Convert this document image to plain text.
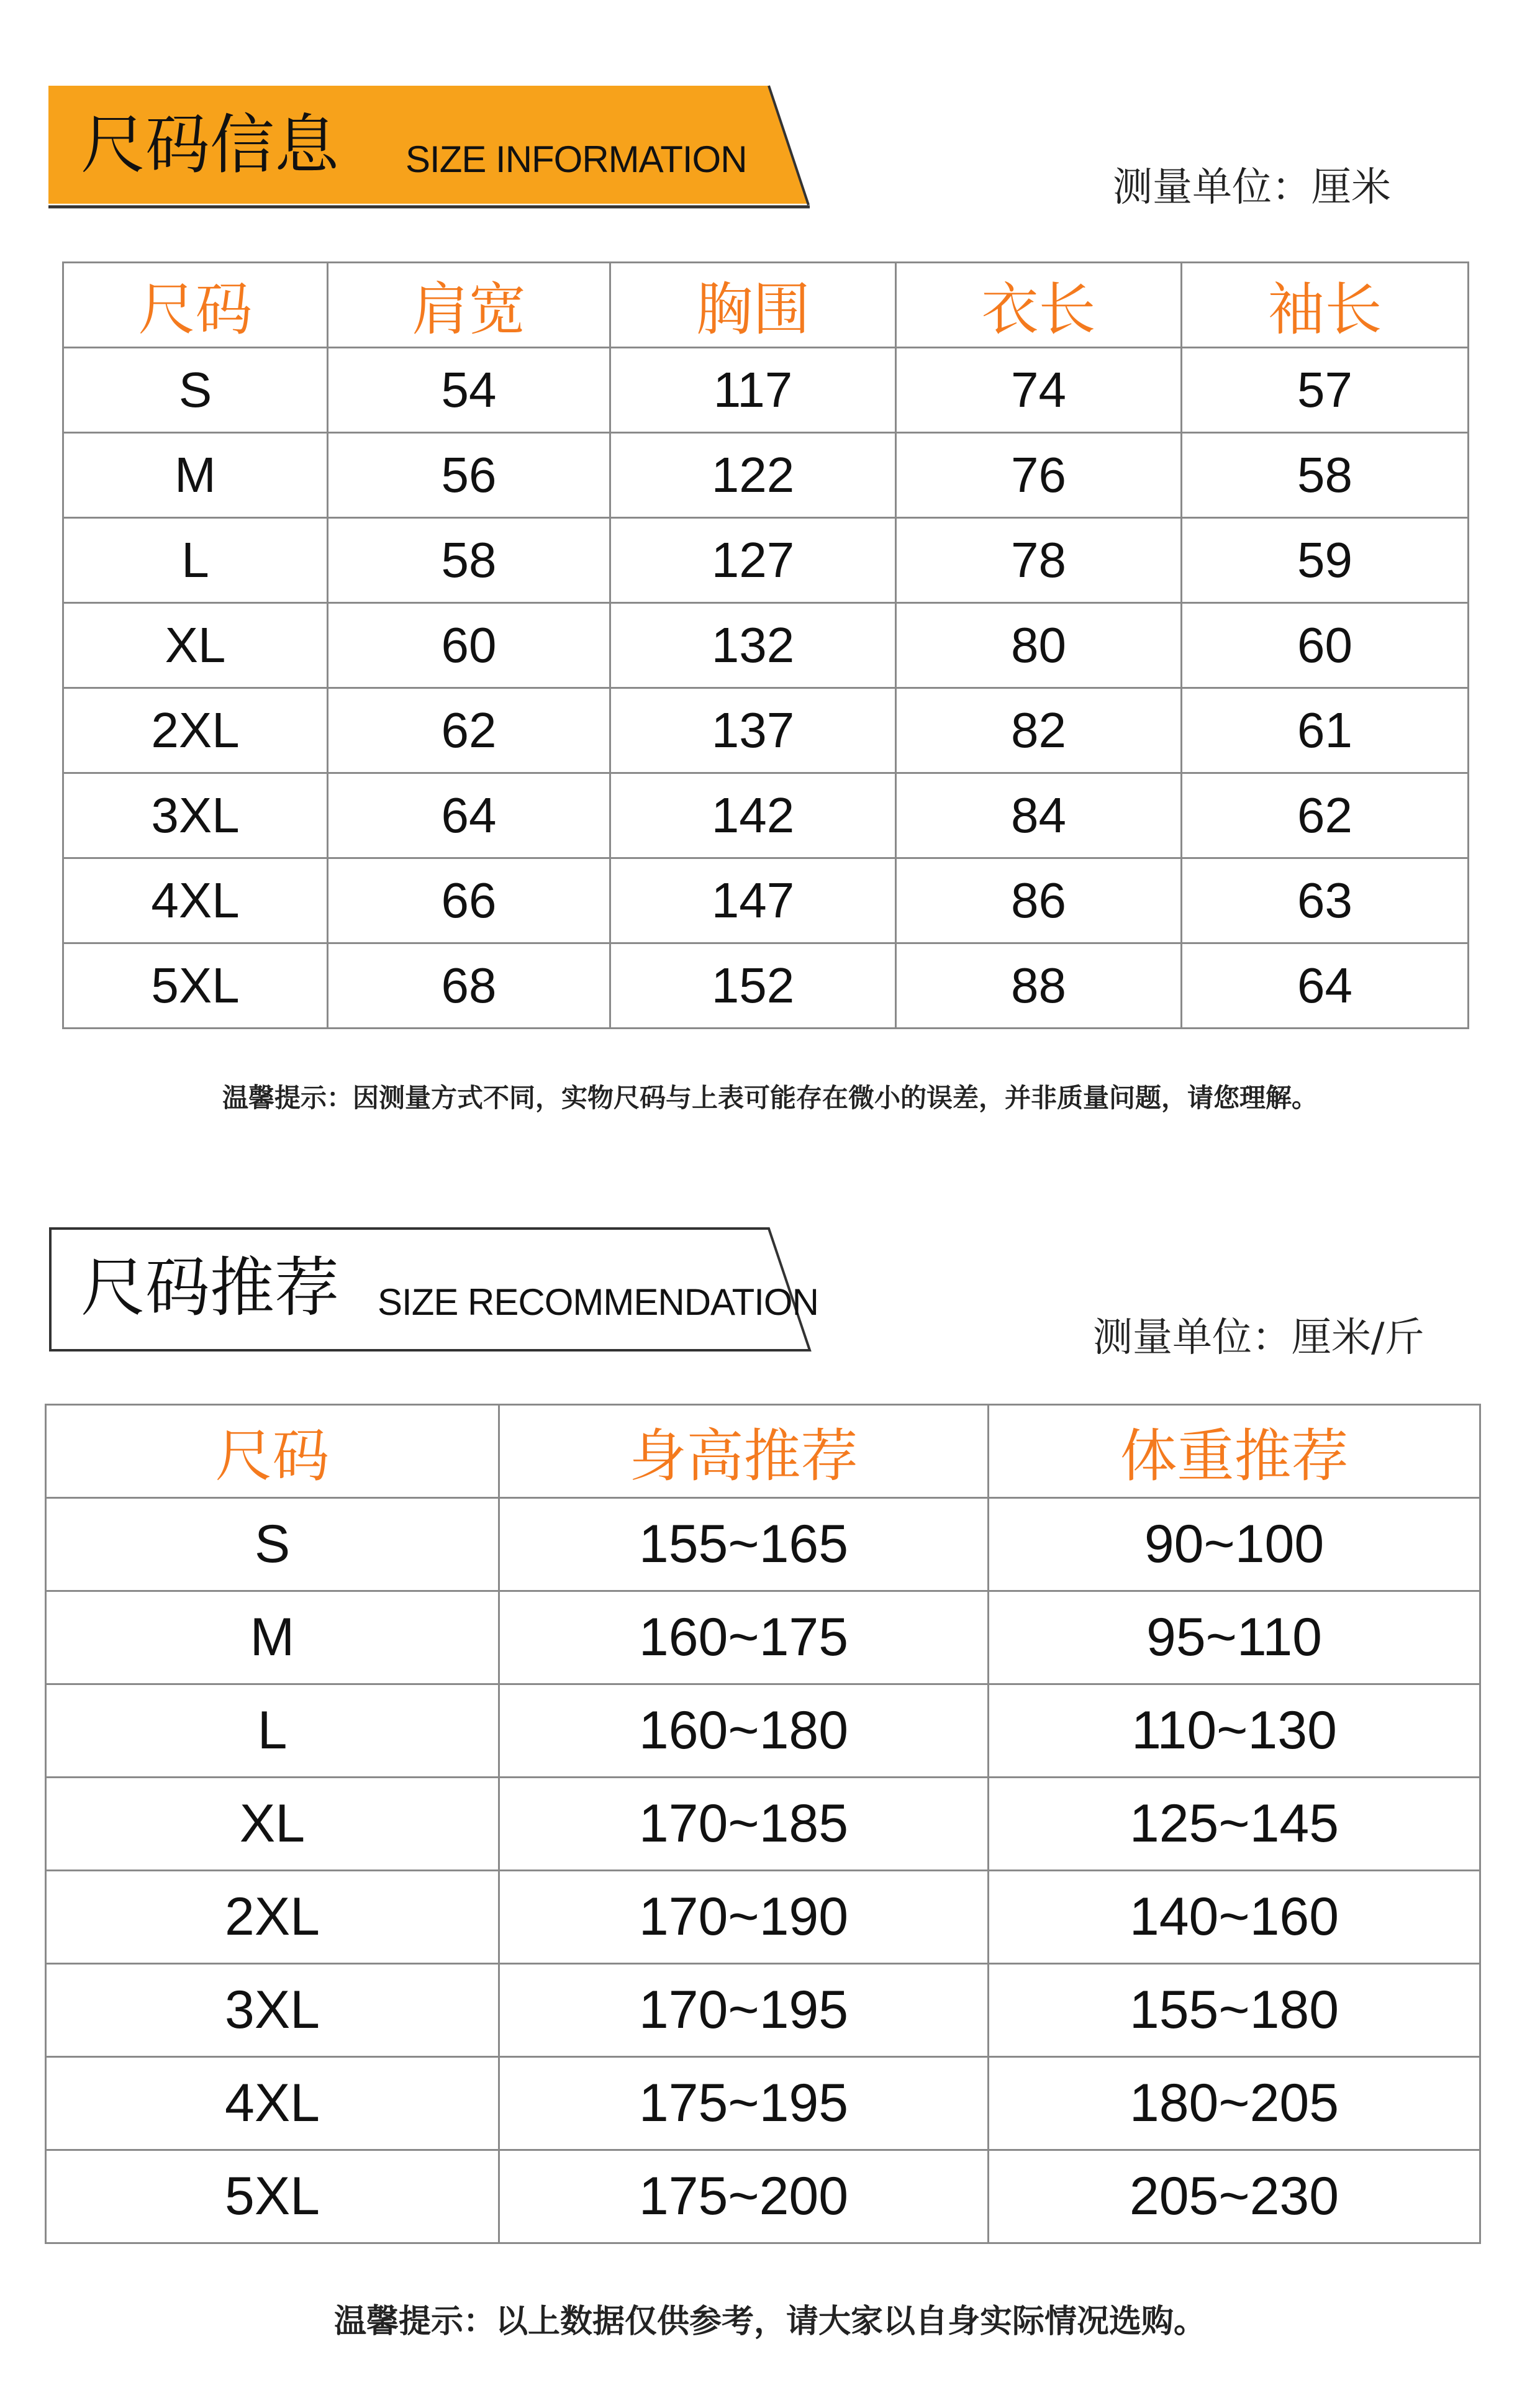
尺码信息 SIZE INFORMATION
测量单位：厘米
尺码	肩宽	胸围	衣长	袖长
S	54	117	74	57
M	56	122	76	58
L	58	127	78	59
XL	60	132	80	60
2XL	62	137	82	61
3XL	64	142	84	62
4XL	66	147	86	63
5XL	68	152	88	64
温馨提示：因测量方式不同，实物尺码与上表可能存在微小的误差，并非质量问题，请您理解。
尺码推荐 SIZE RECOMMENDATION
测量单位：厘米/斤
尺码	身高推荐	体重推荐
S	155~165	90~100
M	160~175	95~110
L	160~180	110~130
XL	170~185	125~145
2XL	170~190	140~160
3XL	170~195	155~180
4XL	175~195	180~205
5XL	175~200	205~230
温馨提示：以上数据仅供参考，请大家以自身实际情况选购。
